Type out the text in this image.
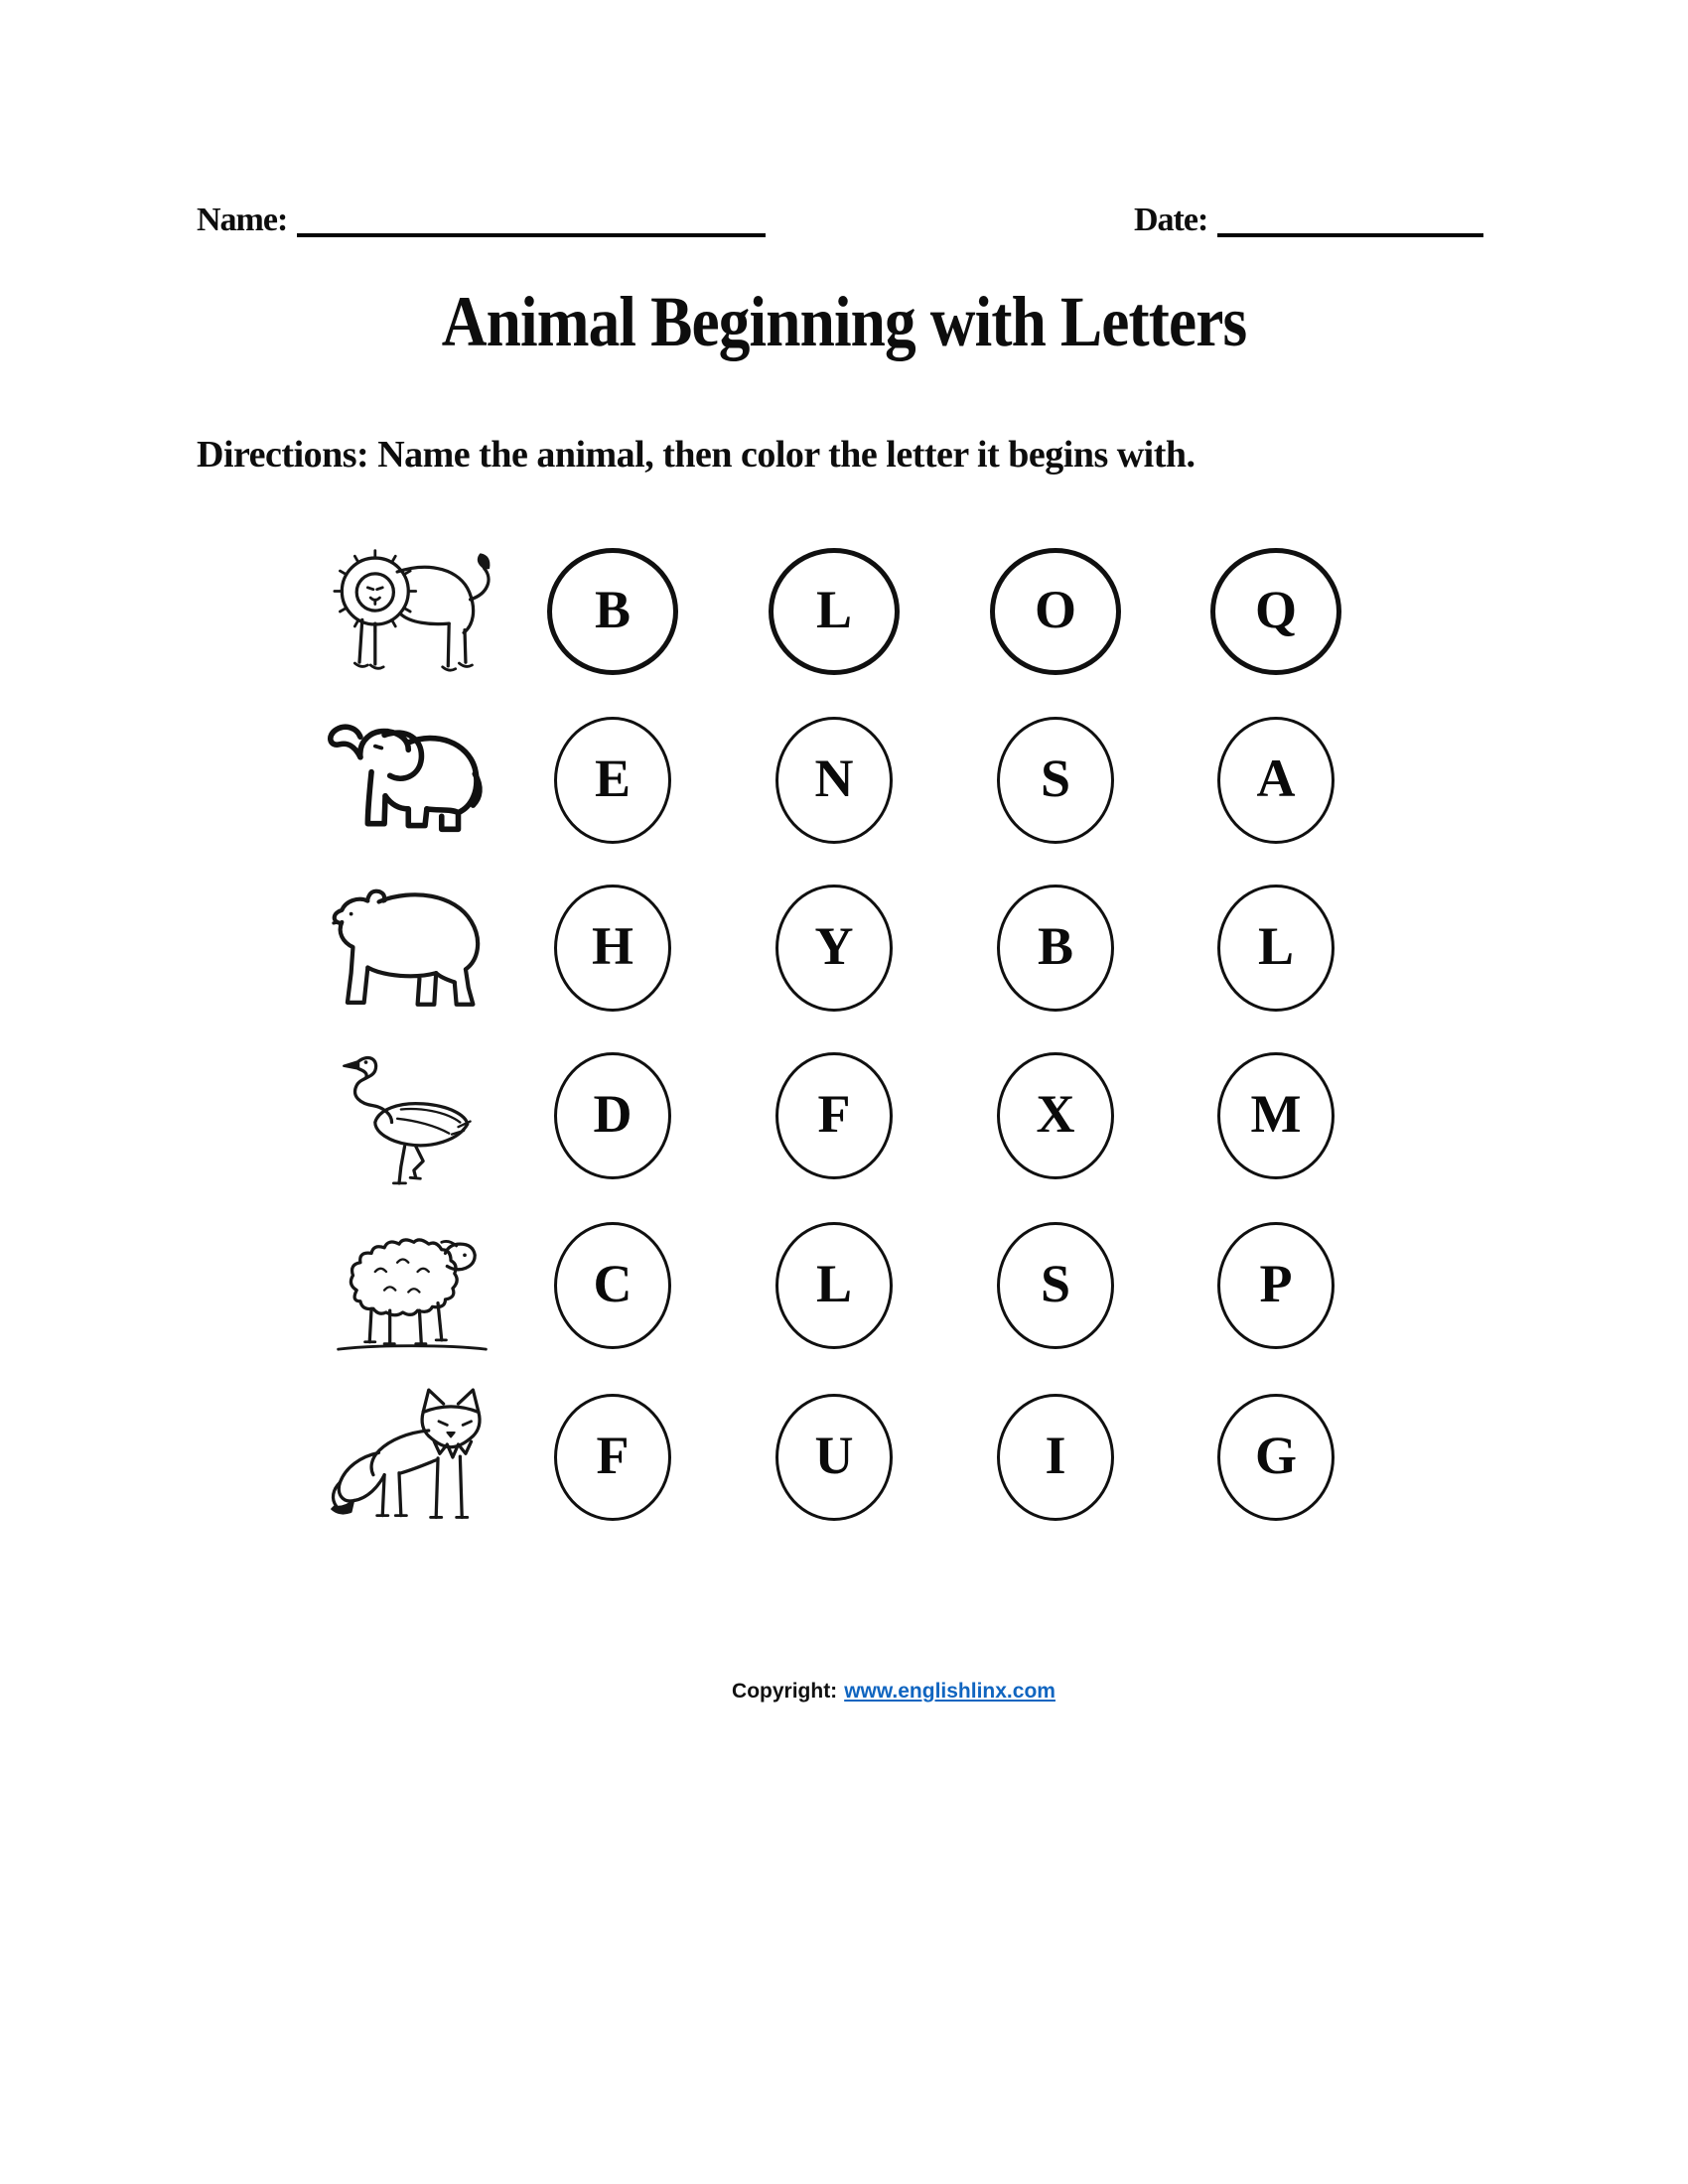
Name:	Date:
Animal Beginning with Letters
Directions: Name the animal, then color the letter it begins with.
B	L	O	Q
E	N	S	A
H	Y	B	L
D	F	X	M
C	L	S	P
F	U	I	G
Copyright: www.englishlinx.com
